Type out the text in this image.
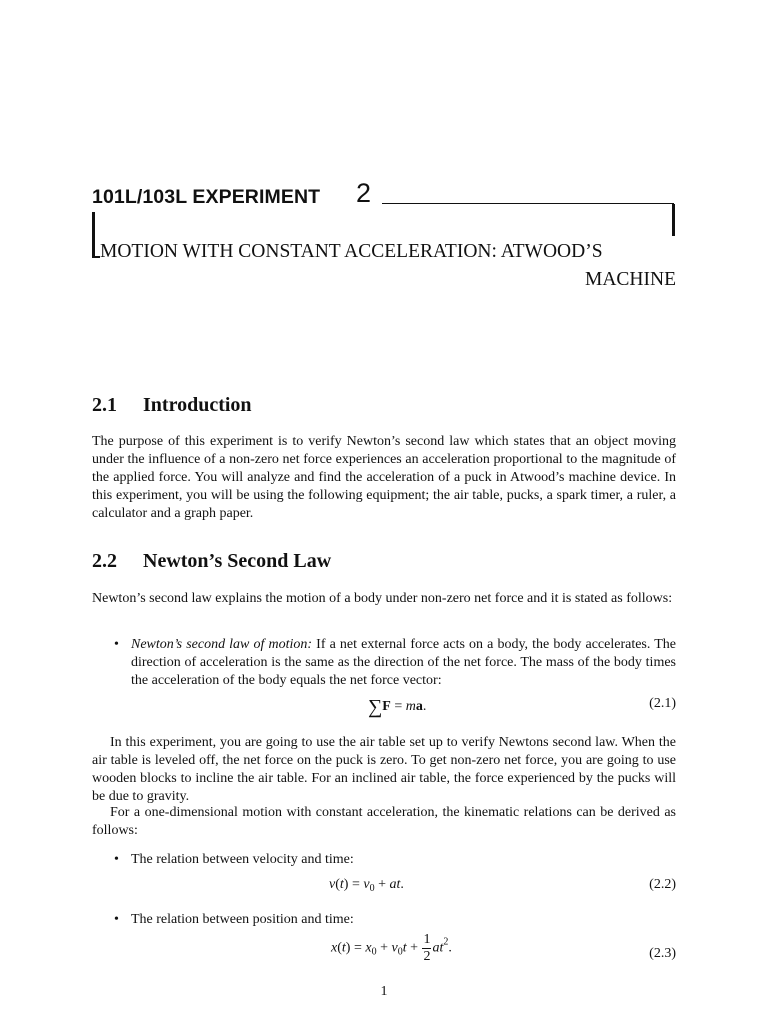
101L/103L EXPERIMENT 2
MOTION WITH CONSTANT ACCELERATION: ATWOOD’S
MACHINE
2.1 Introduction

The purpose of this experiment is to verify Newton’s second law which states that an object moving under the influence of a non-zero net force experiences an acceleration proportional to the magnitude of the applied force. You will analyze and find the acceleration of a puck in Atwood’s machine device. In this experiment, you will be using the following equipment; the air table, pucks, a spark timer, a ruler, a calculator and a graph paper.

2.2 Newton’s Second Law

Newton’s second law explains the motion of a body under non-zero net force and it is stated as follows:

• Newton’s second law of motion: If a net external force acts on a body, the body accelerates. The direction of acceleration is the same as the direction of the net force. The mass of the body times the acceleration of the body equals the net force vector:
∑F = ma.	(2.1)

In this experiment, you are going to use the air table set up to verify Newtons second law. When the air table is leveled off, the net force on the puck is zero. To get non-zero net force, you are going to use wooden blocks to incline the air table. For an inclined air table, the force experienced by the pucks will be due to gravity.

For a one-dimensional motion with constant acceleration, the kinematic relations can be derived as follows:

• The relation between velocity and time:
$v(t) = v_0$ + at.	(2.2)
• The relation between position and time:
$x(t) = x_0 + v_0t + \frac{1}{2} at^2$.	(2.3)
1
